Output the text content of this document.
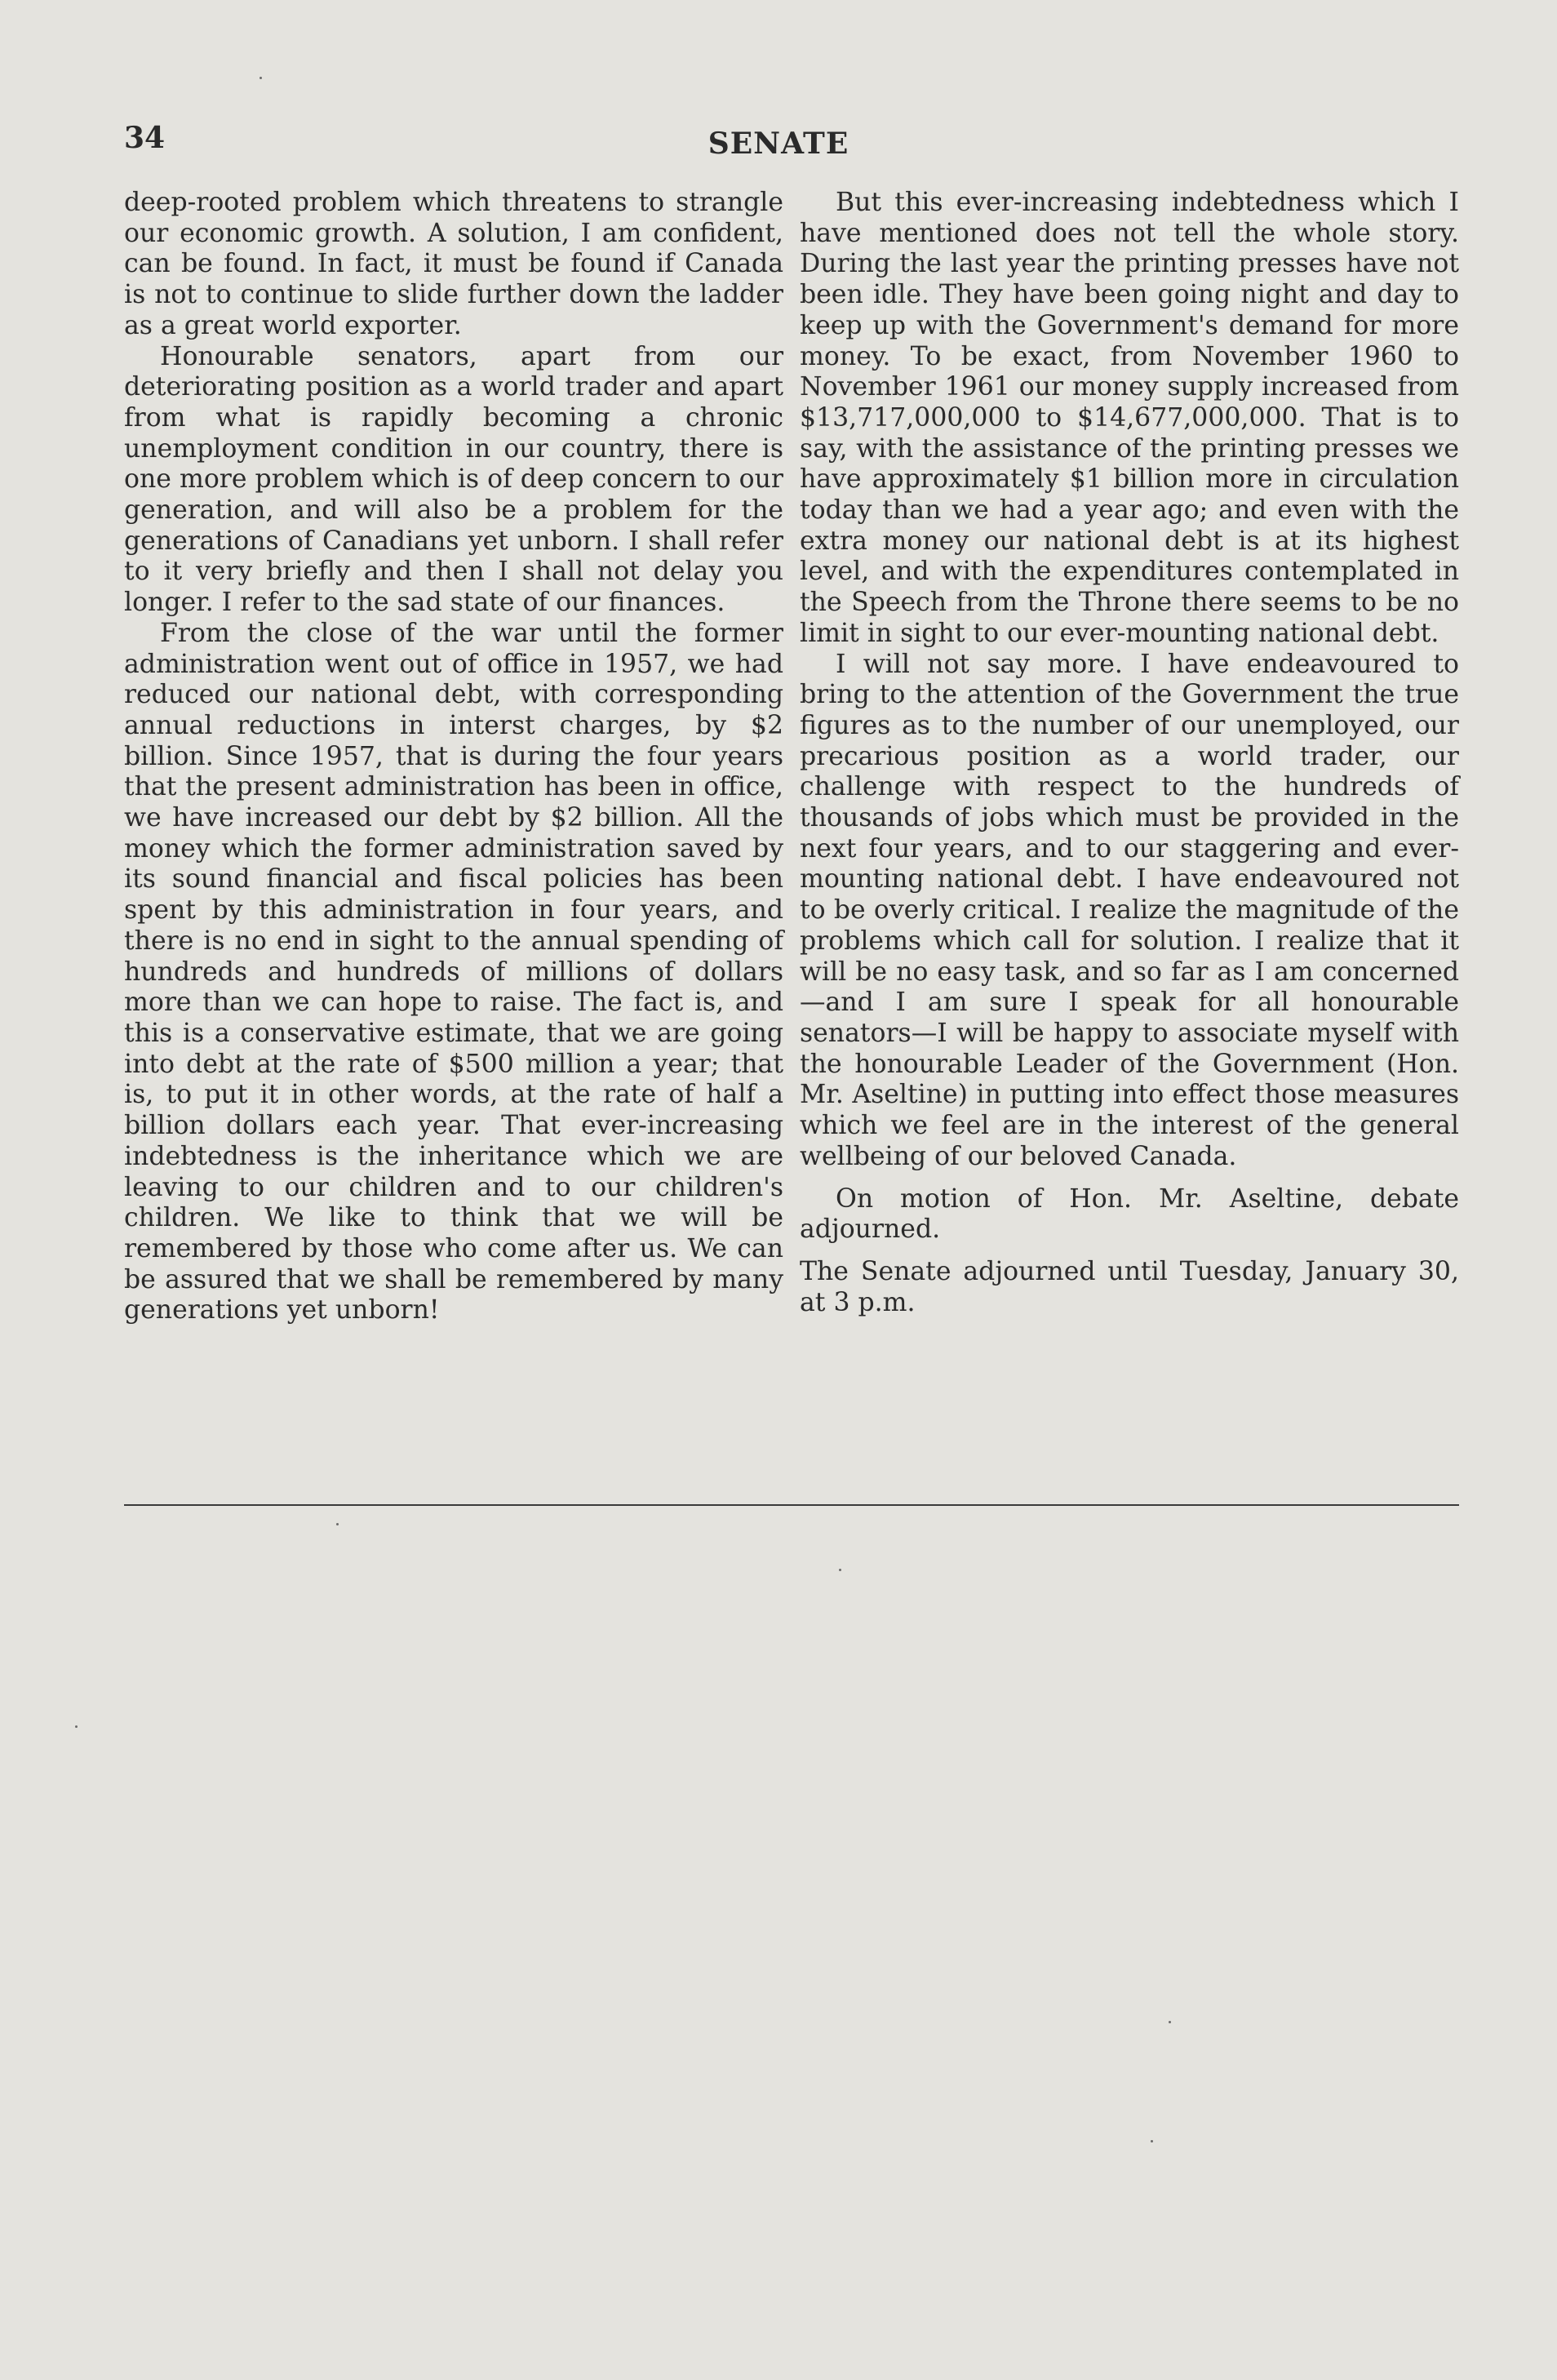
34	SENATE

deep-rooted problem which threatens to strangle our economic growth. A solution, I am confident, can be found. In fact, it must be found if Canada is not to continue to slide further down the ladder as a great world exporter.

Honourable senators, apart from our deteriorating position as a world trader and apart from what is rapidly becoming a chronic unemployment condition in our country, there is one more problem which is of deep concern to our generation, and will also be a problem for the generations of Canadians yet unborn. I shall refer to it very briefly and then I shall not delay you longer. I refer to the sad state of our finances.

From the close of the war until the former administration went out of office in 1957, we had reduced our national debt, with corresponding annual reductions in interst charges, by $2 billion. Since 1957, that is during the four years that the present administration has been in office, we have increased our debt by $2 billion. All the money which the former administration saved by its sound financial and fiscal policies has been spent by this administration in four years, and there is no end in sight to the annual spending of hundreds and hundreds of millions of dollars more than we can hope to raise. The fact is, and this is a conservative estimate, that we are going into debt at the rate of $500 million a year; that is, to put it in other words, at the rate of half a billion dollars each year. That ever-increasing indebtedness is the inheritance which we are leaving to our children and to our children's children. We like to think that we will be remembered by those who come after us. We can be assured that we shall be remembered by many generations yet unborn!

But this ever-increasing indebtedness which I have mentioned does not tell the whole story. During the last year the printing presses have not been idle. They have been going night and day to keep up with the Government's demand for more money. To be exact, from November 1960 to November 1961 our money supply increased from $13,717,000,000 to $14,677,000,000. That is to say, with the assistance of the printing presses we have approximately $1 billion more in circulation today than we had a year ago; and even with the extra money our national debt is at its highest level, and with the expenditures contemplated in the Speech from the Throne there seems to be no limit in sight to our ever-mounting national debt.

I will not say more. I have endeavoured to bring to the attention of the Government the true figures as to the number of our unemployed, our precarious position as a world trader, our challenge with respect to the hundreds of thousands of jobs which must be provided in the next four years, and to our staggering and ever-mounting national debt. I have endeavoured not to be overly critical. I realize the magnitude of the problems which call for solution. I realize that it will be no easy task, and so far as I am concerned—and I am sure I speak for all honourable senators—I will be happy to associate myself with the honourable Leader of the Government (Hon. Mr. Aseltine) in putting into effect those measures which we feel are in the interest of the general wellbeing of our beloved Canada.

On motion of Hon. Mr. Aseltine, debate adjourned.

The Senate adjourned until Tuesday, January 30, at 3 p.m.
